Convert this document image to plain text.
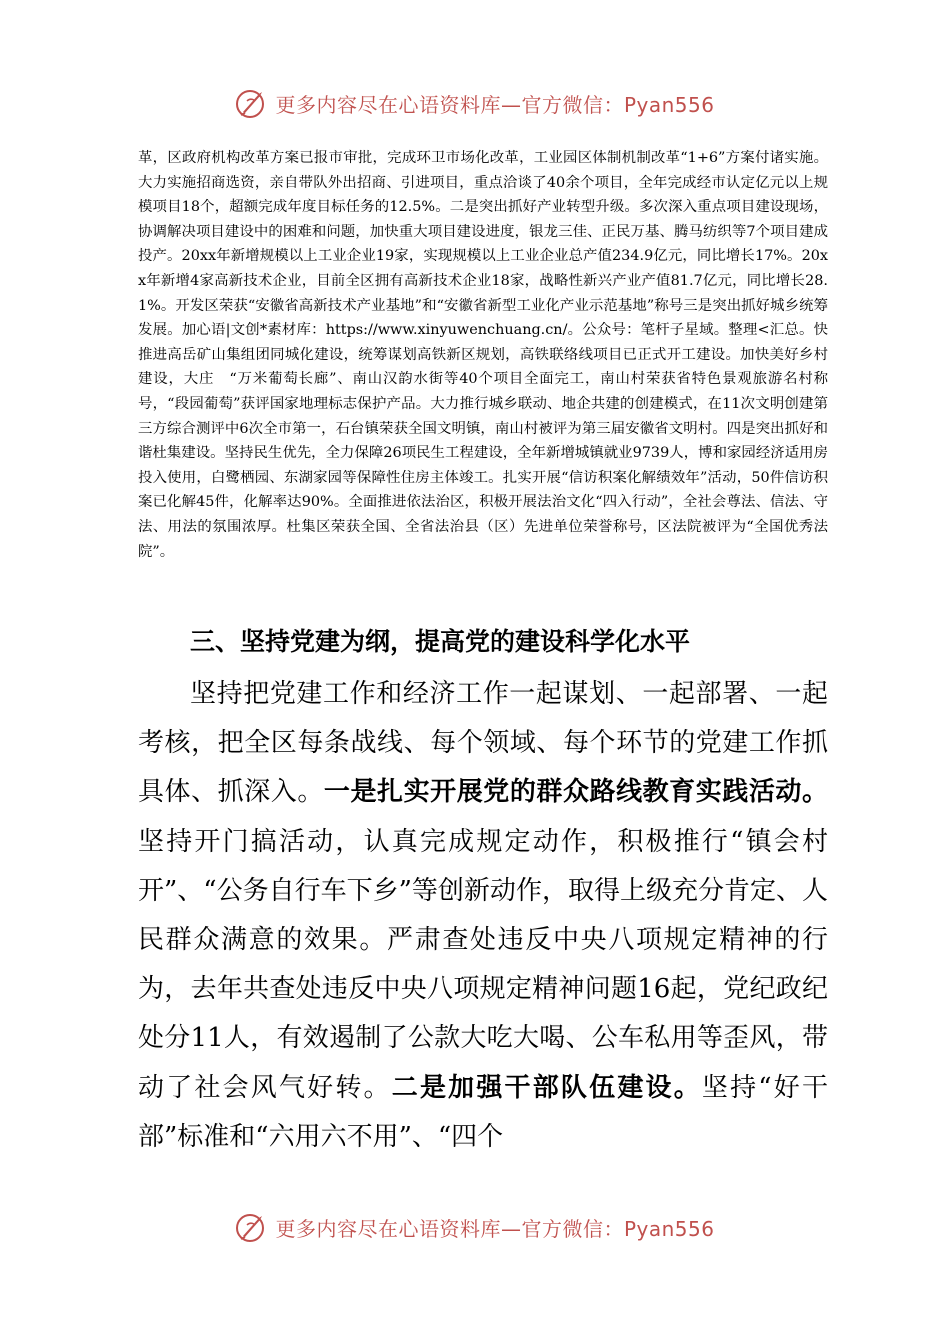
更多内容尽在心语资料库—官方微信：Pyan556

革，区政府机构改革方案已报市审批，完成环卫市场化改革，工业园区体制机制改革“1+6”方案付诸实施。大力实施招商选资，亲自带队外出招商、引进项目，重点洽谈了40余个项目，全年完成经市认定亿元以上规模项目18个，超额完成年度目标任务的12.5%。二是突出抓好产业转型升级。多次深入重点项目建设现场，协调解决项目建设中的困难和问题，加快重大项目建设进度，银龙三佳、正民万基、腾马纺织等7个项目建成投产。20xx年新增规模以上工业企业19家，实现规模以上工业企业总产值234.9亿元，同比增长17%。20xx年新增4家高新技术企业，目前全区拥有高新技术企业18家，战略性新兴产业产值81.7亿元，同比增长28.1%。开发区荣获“安徽省高新技术产业基地”和“安徽省新型工业化产业示范基地”称号三是突出抓好城乡统筹发展。加心语|文创*素材库：https://www.xinyuwenchuang.cn/。公众号：笔杆子星域。整理<汇总。快推进高岳矿山集组团同城化建设，统筹谋划高铁新区规划，高铁联络线项目已正式开工建设。加快美好乡村建设，大庄　“万米葡萄长廊”、南山汉韵水街等40个项目全面完工，南山村荣获省特色景观旅游名村称号，“段园葡萄”获评国家地理标志保护产品。大力推行城乡联动、地企共建的创建模式，在11次文明创建第三方综合测评中6次全市第一，石台镇荣获全国文明镇，南山村被评为第三届安徽省文明村。四是突出抓好和谐杜集建设。坚持民生优先，全力保障26项民生工程建设，全年新增城镇就业9739人，博和家园经济适用房投入使用，白鹭栖园、东湖家园等保障性住房主体竣工。扎实开展“信访积案化解绩效年”活动，50件信访积案已化解45件，化解率达90%。全面推进依法治区，积极开展法治文化“四入行动”，全社会尊法、信法、守法、用法的氛围浓厚。杜集区荣获全国、全省法治县（区）先进单位荣誉称号，区法院被评为“全国优秀法院”。

三、坚持党建为纲，提高党的建设科学化水平

坚持把党建工作和经济工作一起谋划、一起部署、一起考核，把全区每条战线、每个领域、每个环节的党建工作抓具体、抓深入。一是扎实开展党的群众路线教育实践活动。坚持开门搞活动，认真完成规定动作，积极推行“镇会村开”、“公务自行车下乡”等创新动作，取得上级充分肯定、人民群众满意的效果。严肃查处违反中央八项规定精神的行为，去年共查处违反中央八项规定精神问题16起，党纪政纪处分11人，有效遏制了公款大吃大喝、公车私用等歪风，带动了社会风气好转。二是加强干部队伍建设。坚持“好干部”标准和“六用六不用”、“四个

更多内容尽在心语资料库—官方微信：Pyan556
